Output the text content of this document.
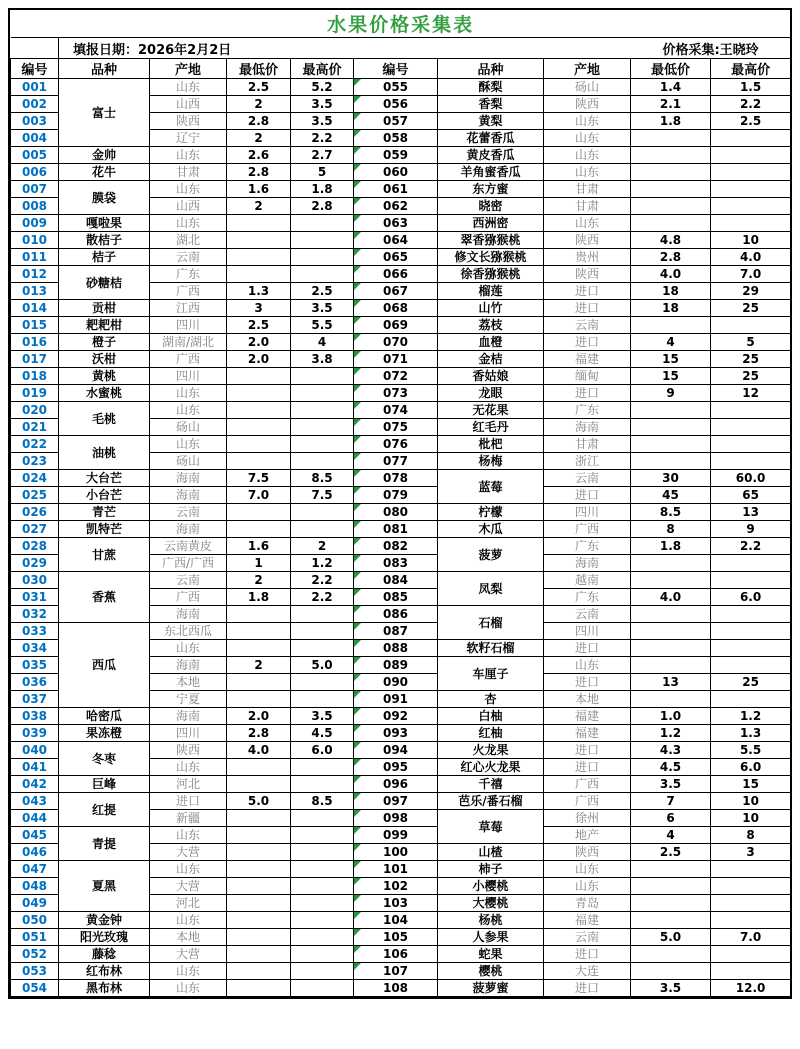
水果价格采集表									

	填报日期：2026年2月2日 价格采集:王晓玲								

编号	品种	产地	最低价	最高价	编号	品种	产地	最低价	最高价
001	富士	山东	2.5	5.2	055	酥梨	砀山	1.4	1.5
002		山西	2	3.5	056	香梨	陕西	2.1	2.2
003		陕西	2.8	3.5	057	黄梨	山东	1.8	2.5
004		辽宁	2	2.2	058	花蕾香瓜	山东		
005	金帅	山东	2.6	2.7	059	黄皮香瓜	山东		
006	花牛	甘肃	2.8	5	060	羊角蜜香瓜	山东		
007	膜袋	山东	1.6	1.8	061	东方蜜	甘肃		
008		山西	2	2.8	062	晓密	甘肃		
009	嘎啦果	山东			063	西洲密	山东		
010	散桔子	湖北			064	翠香猕猴桃	陕西	4.8	10
011	桔子	云南			065	修文长猕猴桃	贵州	2.8	4.0
012	砂糖桔	广东			066	徐香猕猴桃	陕西	4.0	7.0
013		广西	1.3	2.5	067	榴莲	进口	18	29
014	贡柑	江西	3	3.5	068	山竹	进口	18	25
015	耙耙柑	四川	2.5	5.5	069	荔枝	云南		
016	橙子	湖南/湖北	2.0	4	070	血橙	进口	4	5
017	沃柑	广西	2.0	3.8	071	金桔	福建	15	25
018	黄桃	四川			072	香姑娘	缅甸	15	25
019	水蜜桃	山东			073	龙眼	进口	9	12
020	毛桃	山东			074	无花果	广东		
021		砀山			075	红毛丹	海南		
022	油桃	山东			076	枇杷	甘肃		
023		砀山			077	杨梅	浙江		
024	大台芒	海南	7.5	8.5	078	蓝莓	云南	30	60.0
025	小台芒	海南	7.0	7.5	079		进口	45	65
026	青芒	云南			080	柠檬	四川	8.5	13
027	凯特芒	海南			081	木瓜	广西	8	9
028	甘蔗	云南黄皮	1.6	2	082	菠萝	广东	1.8	2.2
029		广西/广西	1	1.2	083		海南		
030	香蕉	云南	2	2.2	084	凤梨	越南		
031		广西	1.8	2.2	085		广东	4.0	6.0
032		海南			086	石榴	云南		
033	西瓜	东北西瓜			087		四川		
034		山东			088	软籽石榴	进口		
035		海南	2	5.0	089	车厘子	山东		
036		本地			090		进口	13	25
037		宁夏			091	杏	本地		
038	哈密瓜	海南	2.0	3.5	092	白柚	福建	1.0	1.2
039	果冻橙	四川	2.8	4.5	093	红柚	福建	1.2	1.3
040	冬枣	陕西	4.0	6.0	094	火龙果	进口	4.3	5.5
041		山东			095	红心火龙果	进口	4.5	6.0
042	巨峰	河北			096	千禧	广西	3.5	15
043	红提	进口	5.0	8.5	097	芭乐/番石榴	广西	7	10
044		新疆			098	草莓	徐州	6	10
045	青提	山东			099		地产	4	8
046		大营			100	山楂	陕西	2.5	3
047	夏黑	山东			101	柿子	山东		
048		大营			102	小樱桃	山东		
049		河北			103	大樱桃	青岛		
050	黄金钟	山东			104	杨桃	福建		
051	阳光玫瑰	本地			105	人参果	云南	5.0	7.0
052	藤稔	大营			106	蛇果	进口		
053	红布林	山东			107	樱桃	大连		
054	黑布林	山东			108	菠萝蜜	进口	3.5	12.0
